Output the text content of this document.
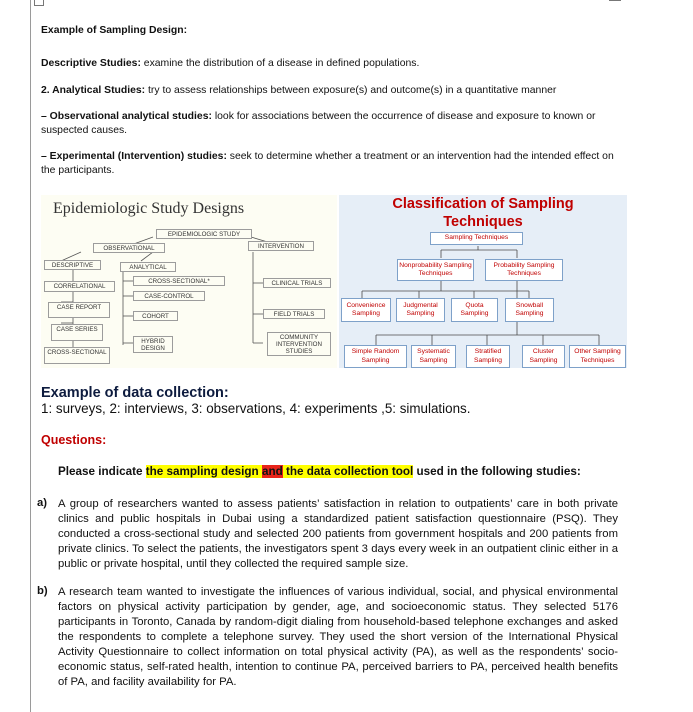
Example of Sampling Design:
Descriptive Studies: examine the distribution of a disease in defined populations.
2. Analytical Studies: try to assess relationships between exposure(s) and outcome(s) in a quantitative manner
– Observational analytical studies: look for associations between the occurrence of disease and exposure to known or suspected causes.
– Experimental (Intervention) studies: seek to determine whether a treatment or an intervention had the intended effect on the participants.
Epidemiologic Study Designs
EPIDEMIOLOGIC STUDY
OBSERVATIONAL	INTERVENTION
DESCRIPTIVE	ANALYTICAL
CORRELATIONAL
CASE REPORT
CASE SERIES
CROSS-SECTIONAL
CROSS-SECTIONAL*
CASE-CONTROL
COHORT
HYBRID DESIGN
CLINICAL TRIALS
FIELD TRIALS
COMMUNITY INTERVENTION STUDIES
Classification of Sampling
Techniques
Sampling Techniques
Nonprobability Sampling Techniques
Probability Sampling Techniques
Convenience Sampling
Judgmental Sampling
Quota Sampling
Snowball Sampling
Simple Random Sampling
Systematic Sampling
Stratified Sampling
Cluster Sampling
Other Sampling Techniques
Example of data collection:
1: surveys, 2: interviews, 3: observations, 4: experiments ,5: simulations.
Questions:
Please indicate the sampling design and the data collection tool used in the following studies:
a) A group of researchers wanted to assess patients’ satisfaction in relation to outpatients’ care in both private clinics and public hospitals in Dubai using a standardized patient satisfaction questionnaire (PSQ). They conducted a cross-sectional study and selected 200 patients from government hospitals and 200 patients from private clinics. To select the patients, the investigators spent 3 days every week in an outpatient clinic either in a public or private hospital, until they collected the required sample size.
b) A research team wanted to investigate the influences of various individual, social, and physical environmental factors on physical activity participation by gender, age, and socioeconomic status. They selected 5176 participants in Toronto, Canada by random-digit dialing from household-based telephone exchanges and asked the respondents to complete a telephone survey. They used the short version of the International Physical Activity Questionnaire to collect information on total physical activity (PA), as well as the respondents’ socio-economic status, self-rated health, intention to continue PA, perceived barriers to PA, perceived health benefits of PA, and facility availability for PA.
